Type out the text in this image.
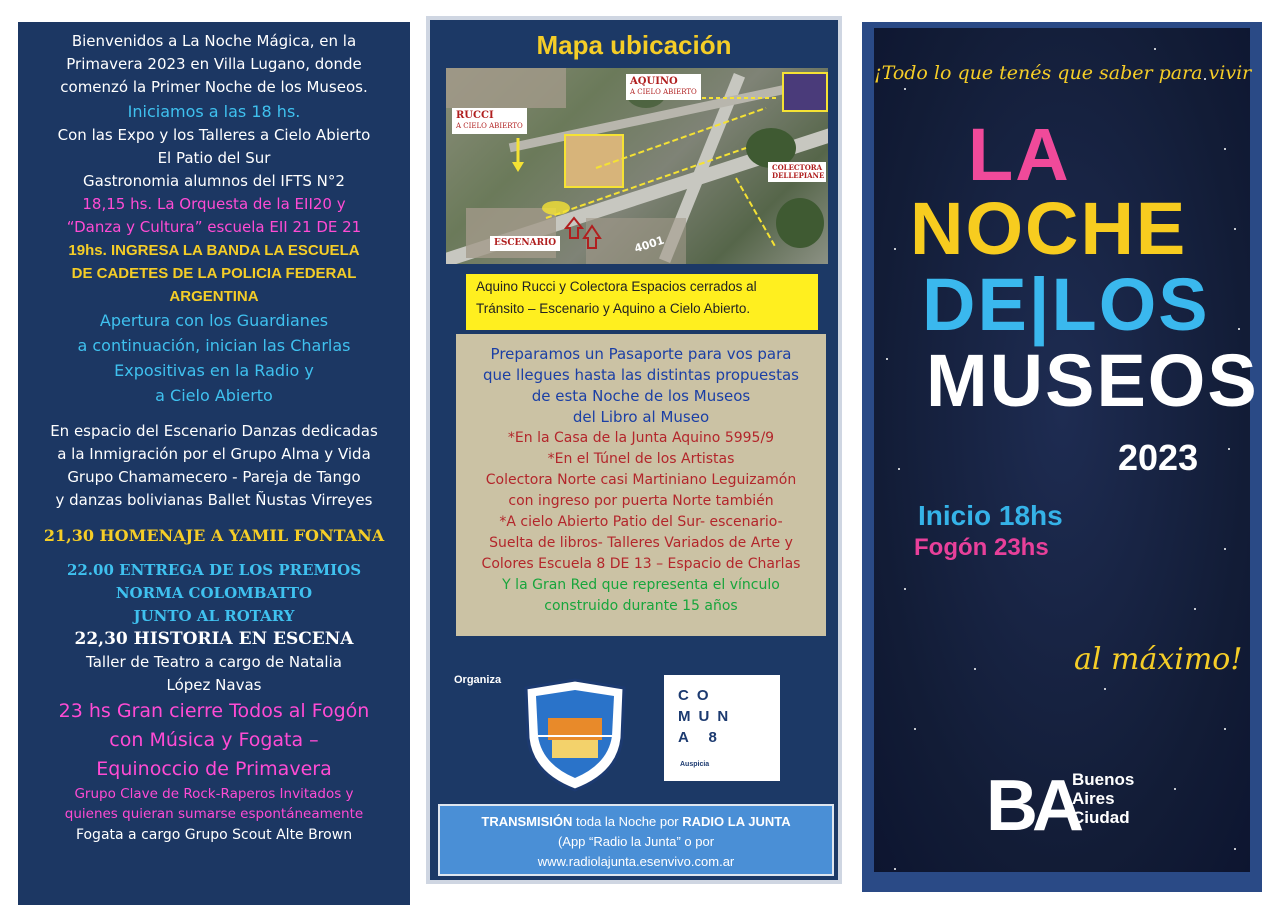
Bienvenidos a La Noche Mágica, en la
Primavera 2023 en Villa Lugano, donde
comenzó la Primer Noche de los Museos.
Iniciamos a las 18 hs.
Con las Expo y los Talleres a Cielo Abierto
El Patio del Sur
Gastronomia alumnos del IFTS N°2
18,15 hs. La Orquesta de la EII20 y
“Danza y Cultura” escuela EII 21 DE 21
19hs. INGRESA LA BANDA LA ESCUELA
DE CADETES DE LA POLICIA FEDERAL
ARGENTINA
Apertura con los Guardianes
a continuación, inician las Charlas
Expositivas en la Radio y
a Cielo Abierto
En espacio del Escenario Danzas dedicadas
a la Inmigración por el Grupo Alma y Vida
Grupo Chamamecero - Pareja de Tango
y danzas bolivianas Ballet Ñustas Virreyes
21,30 HOMENAJE A YAMIL FONTANA
22.00 ENTREGA DE LOS PREMIOS
NORMA COLOMBATTO
JUNTO AL ROTARY
22,30 HISTORIA EN ESCENA
Taller de Teatro a cargo de Natalia
López Navas
23 hs Gran cierre Todos al Fogón
con Música y Fogata –
Equinoccio de Primavera
Grupo Clave de Rock-Raperos Invitados y
quienes quieran sumarse espontáneamente
Fogata a cargo Grupo Scout Alte Brown
Mapa ubicación
RUCCI
A CIELO ABIERTO
AQUINO
A CIELO ABIERTO
COLECTORA DELLEPIANE
ESCENARIO	4001
Aquino Rucci y Colectora Espacios cerrados al
Tránsito – Escenario y Aquino a Cielo Abierto.
Preparamos un Pasaporte para vos para
que llegues hasta las distintas propuestas
de esta Noche de los Museos
del Libro al Museo
*En la Casa de la Junta Aquino 5995/9
*En el Túnel de los Artistas
Colectora Norte casi Martiniano Leguizamón
con ingreso por puerta Norte también
*A cielo Abierto Patio del Sur- escenario-
Suelta de libros- Talleres Variados de Arte y
Colores Escuela 8 DE 13 – Espacio de Charlas
Y la Gran Red que representa el vínculo
construido durante 15 años
Organiza
CO
MUN
A 8
Auspicia
TRANSMISIÓN toda la Noche por RADIO LA JUNTA
(App “Radio la Junta” o por
www.radiolajunta.esenvivo.com.ar
¡Todo lo que tenés que saber para vivir
LA
NOCHE
DE|LOS
MUSEOS
2023
Inicio 18hs
Fogón 23hs
al máximo!
BA
Buenos
Aires
Ciudad
